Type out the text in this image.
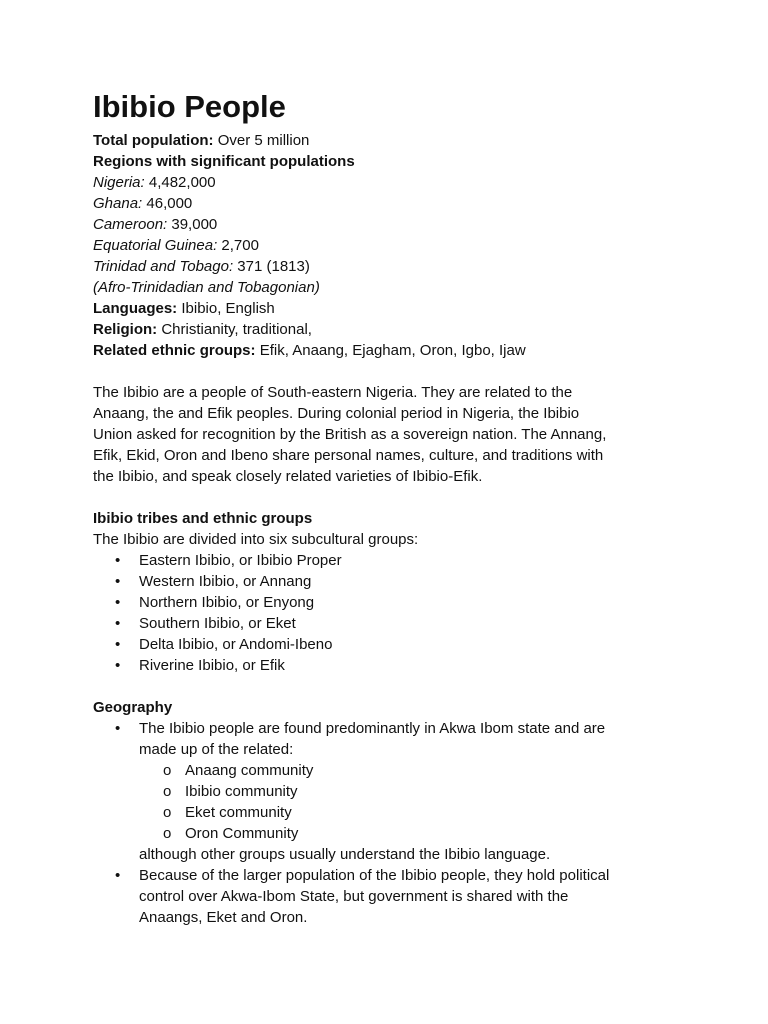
Ibibio People
Total population: Over 5 million
Regions with significant populations
Nigeria: 4,482,000
Ghana: 46,000
Cameroon: 39,000
Equatorial Guinea: 2,700
Trinidad and Tobago: 371 (1813)
(Afro-Trinidadian and Tobagonian)
Languages: Ibibio, English
Religion: Christianity, traditional,
Related ethnic groups: Efik, Anaang, Ejagham, Oron, Igbo, Ijaw
The Ibibio are a people of South-eastern Nigeria. They are related to the
Anaang, the and Efik peoples. During colonial period in Nigeria, the Ibibio
Union asked for recognition by the British as a sovereign nation. The Annang,
Efik, Ekid, Oron and Ibeno share personal names, culture, and traditions with
the Ibibio, and speak closely related varieties of Ibibio-Efik.
Ibibio tribes and ethnic groups
The Ibibio are divided into six subcultural groups:
• Eastern Ibibio, or Ibibio Proper
• Western Ibibio, or Annang
• Northern Ibibio, or Enyong
• Southern Ibibio, or Eket
• Delta Ibibio, or Andomi-Ibeno
• Riverine Ibibio, or Efik
Geography
• The Ibibio people are found predominantly in Akwa Ibom state and are
made up of the related:
o Anaang community
o Ibibio community
o Eket community
o Oron Community
although other groups usually understand the Ibibio language.
• Because of the larger population of the Ibibio people, they hold political
control over Akwa-Ibom State, but government is shared with the
Anaangs, Eket and Oron.
